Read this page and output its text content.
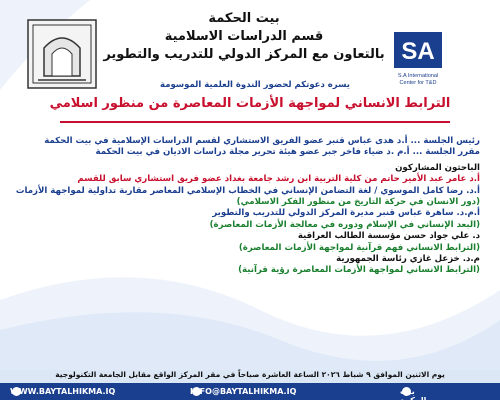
بيت الحكمة
قسم الدراسات الاسلامية
بالتعاون مع المركز الدولي للتدريب والتطوير SA
S.A International
Center for T&D
يسره دعوتكم لحضور الندوة العلمية الموسومة
الترابط الانساني لمواجهة الأزمات المعاصرة من منظور اسلامي
رئيس الجلسة ... أ.د هدى عباس قنبر عضو الفريق الاستشاري لقسم الدراسات الإسلامية في بيت الحكمة
مقرر الجلسة ... أ.م .د ضياء فاخر جبر عضو هيئة تحرير مجلة دراسات الاديان في بيت الحكمة
الباحثون المشاركون
أ.د عامر عبد الأمير حاتم من كلية التربية ابن رشد جامعة بغداد عضو فريق استشاري سابق للقسم
أ.د. رضا كامل الموسوي / لغة التضامن الإنساني في الخطاب الإسلامي المعاصر مقاربة تداولية لمواجهة الأزمات
(دور الانسان في حركة التاريخ من منظور الفكر الاسلامي)
أ.م.د. ساهرة عباس قنبر مديرة المركز الدولي للتدريب والتطوير
(البعد الإنساني في الإسلام ودوره في معالجة الأزمات المعاصرة)
د. علي جواد حسن مؤسسة الطالب العراقية
(الترابط الانساني فهم قرآنية لمواجهة الأزمات المعاصرة)
م.د. خزعل غازي رئاسة الجمهورية
(الترابط الانساني لمواجهة الأزمات المعاصرة رؤية قرآنية)
يوم الاثنين الموافق ٩ شباط ٢٠٢٦ الساعة العاشرة صباحاً في مقر المركز الواقع مقابل الجامعة التكنولوجية
WWW.BAYTALHIKMA.IQ	INFO@BAYTALHIKMA.IQ	بيت الحكمة العراق
